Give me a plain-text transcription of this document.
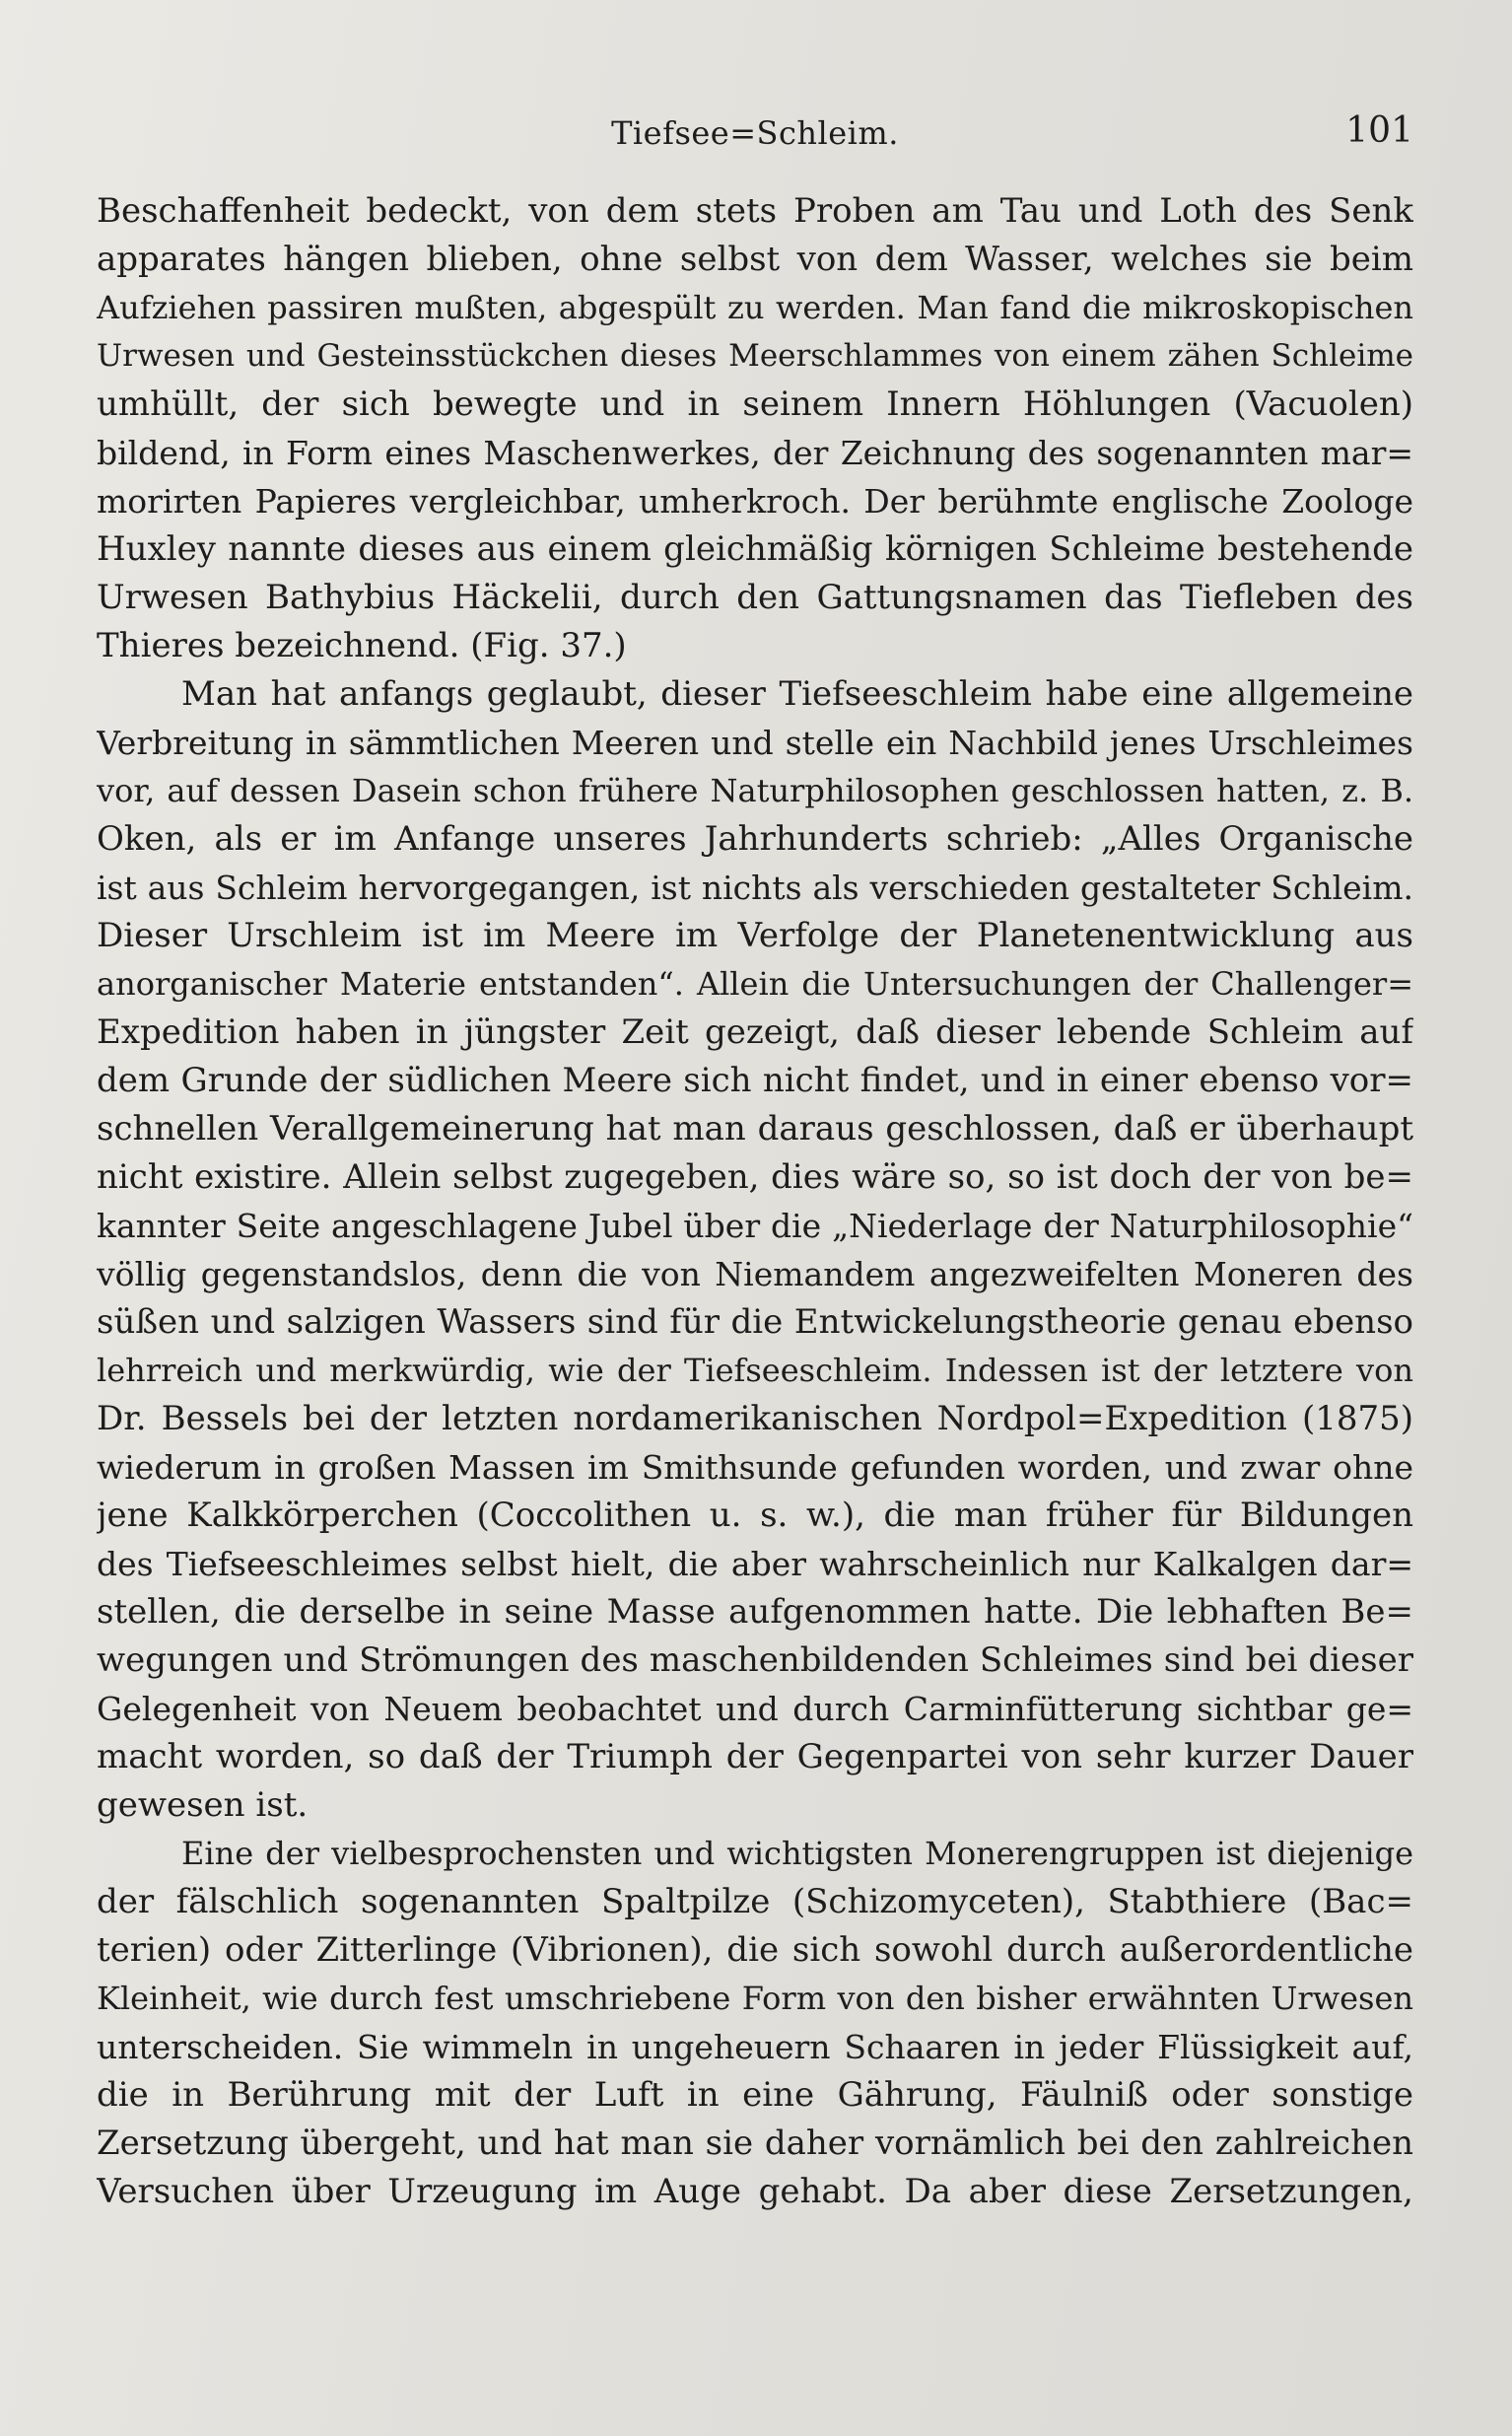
Tiefsee=Schleim.	101
Beschaffenheit bedeckt, von dem stets Proben am Tau und Loth des Senk
apparates hängen blieben, ohne selbst von dem Wasser, welches sie beim
Aufziehen passiren mußten, abgespült zu werden. Man fand die mikroskopischen
Urwesen und Gesteinsstückchen dieses Meerschlammes von einem zähen Schleime
umhüllt, der sich bewegte und in seinem Innern Höhlungen (Vacuolen)
bildend, in Form eines Maschenwerkes, der Zeichnung des sogenannten mar=
morirten Papieres vergleichbar, umherkroch. Der berühmte englische Zoologe
Huxley nannte dieses aus einem gleichmäßig körnigen Schleime bestehende
Urwesen Bathybius Häckelii, durch den Gattungsnamen das Tiefleben des
Thieres bezeichnend. (Fig. 37.)
Man hat anfangs geglaubt, dieser Tiefseeschleim habe eine allgemeine
Verbreitung in sämmtlichen Meeren und stelle ein Nachbild jenes Urschleimes
vor, auf dessen Dasein schon frühere Naturphilosophen geschlossen hatten, z. B.
Oken, als er im Anfange unseres Jahrhunderts schrieb: „Alles Organische
ist aus Schleim hervorgegangen, ist nichts als verschieden gestalteter Schleim.
Dieser Urschleim ist im Meere im Verfolge der Planetenentwicklung aus
anorganischer Materie entstanden“. Allein die Untersuchungen der Challenger=
Expedition haben in jüngster Zeit gezeigt, daß dieser lebende Schleim auf
dem Grunde der südlichen Meere sich nicht findet, und in einer ebenso vor=
schnellen Verallgemeinerung hat man daraus geschlossen, daß er überhaupt
nicht existire. Allein selbst zugegeben, dies wäre so, so ist doch der von be=
kannter Seite angeschlagene Jubel über die „Niederlage der Naturphilosophie“
völlig gegenstandslos, denn die von Niemandem angezweifelten Moneren des
süßen und salzigen Wassers sind für die Entwickelungstheorie genau ebenso
lehrreich und merkwürdig, wie der Tiefseeschleim. Indessen ist der letztere von
Dr. Bessels bei der letzten nordamerikanischen Nordpol=Expedition (1875)
wiederum in großen Massen im Smithsunde gefunden worden, und zwar ohne
jene Kalkkörperchen (Coccolithen u. s. w.), die man früher für Bildungen
des Tiefseeschleimes selbst hielt, die aber wahrscheinlich nur Kalkalgen dar=
stellen, die derselbe in seine Masse aufgenommen hatte. Die lebhaften Be=
wegungen und Strömungen des maschenbildenden Schleimes sind bei dieser
Gelegenheit von Neuem beobachtet und durch Carminfütterung sichtbar ge=
macht worden, so daß der Triumph der Gegenpartei von sehr kurzer Dauer
gewesen ist.
Eine der vielbesprochensten und wichtigsten Monerengruppen ist diejenige
der fälschlich sogenannten Spaltpilze (Schizomyceten), Stabthiere (Bac=
terien) oder Zitterlinge (Vibrionen), die sich sowohl durch außerordentliche
Kleinheit, wie durch fest umschriebene Form von den bisher erwähnten Urwesen
unterscheiden. Sie wimmeln in ungeheuern Schaaren in jeder Flüssigkeit auf,
die in Berührung mit der Luft in eine Gährung, Fäulniß oder sonstige
Zersetzung übergeht, und hat man sie daher vornämlich bei den zahlreichen
Versuchen über Urzeugung im Auge gehabt. Da aber diese Zersetzungen,
